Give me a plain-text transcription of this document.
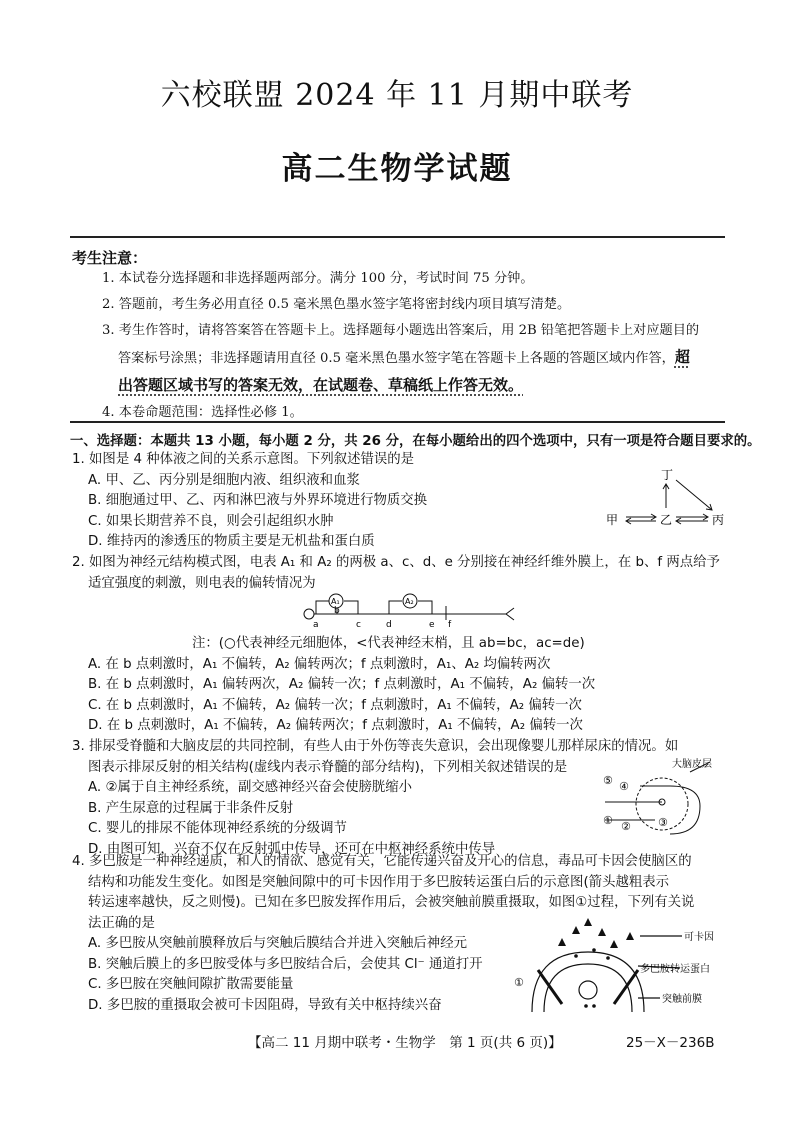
六校联盟 2024 年 11 月期中联考
高二生物学试题
考生注意：
1. 本试卷分选择题和非选择题两部分。满分 100 分，考试时间 75 分钟。
2. 答题前，考生务必用直径 0.5 毫米黑色墨水签字笔将密封线内项目填写清楚。
3. 考生作答时，请将答案答在答题卡上。选择题每小题选出答案后，用 2B 铅笔把答题卡上对应题目的
答案标号涂黑；非选择题请用直径 0.5 毫米黑色墨水签字笔在答题卡上各题的答题区域内作答，超
出答题区域书写的答案无效，在试题卷、草稿纸上作答无效。
4. 本卷命题范围：选择性必修 1。
一、选择题：本题共 13 小题，每小题 2 分，共 26 分，在每小题给出的四个选项中，只有一项是符合题目要求的。
1. 如图是 4 种体液之间的关系示意图。下列叙述错误的是
A. 甲、乙、丙分别是细胞内液、组织液和血浆
B. 细胞通过甲、乙、丙和淋巴液与外界环境进行物质交换
C. 如果长期营养不良，则会引起组织水肿
D. 维持丙的渗透压的物质主要是无机盐和蛋白质
丁
甲	乙	丙
2. 如图为神经元结构模式图，电表 A₁ 和 A₂ 的两极 a、c、d、e 分别接在神经纤维外膜上，在 b、f 两点给予
适宜强度的刺激，则电表的偏转情况为
A₁	A₂
a
b
c	d	e f
注：(○代表神经元细胞体，<代表神经末梢，且 ab=bc，ac=de)
A. 在 b 点刺激时，A₁ 不偏转，A₂ 偏转两次；f 点刺激时，A₁、A₂ 均偏转两次
B. 在 b 点刺激时，A₁ 偏转两次，A₂ 偏转一次；f 点刺激时，A₁ 不偏转，A₂ 偏转一次
C. 在 b 点刺激时，A₁ 不偏转，A₂ 偏转一次；f 点刺激时，A₁ 不偏转，A₂ 偏转一次
D. 在 b 点刺激时，A₁ 不偏转，A₂ 偏转两次；f 点刺激时，A₁ 不偏转，A₂ 偏转一次
3. 排尿受脊髓和大脑皮层的共同控制，有些人由于外伤等丧失意识，会出现像婴儿那样尿床的情况。如
图表示排尿反射的相关结构(虚线内表示脊髓的部分结构)，下列相关叙述错误的是
A. ②属于自主神经系统，副交感神经兴奋会使膀胱缩小
B. 产生尿意的过程属于非条件反射
C. 婴儿的排尿不能体现神经系统的分级调节
D. 由图可知，兴奋不仅在反射弧中传导，还可在中枢神经系统中传导
大脑皮层
⑤ ④
① ② ③
4. 多巴胺是一种神经递质，和人的情欲、感觉有关，它能传递兴奋及开心的信息，毒品可卡因会使脑区的
结构和功能发生变化。如图是突触间隙中的可卡因作用于多巴胺转运蛋白后的示意图(箭头越粗表示
转运速率越快，反之则慢)。已知在多巴胺发挥作用后，会被突触前膜重摄取，如图①过程，下列有关说
法正确的是
A. 多巴胺从突触前膜释放后与突触后膜结合并进入突触后神经元
B. 突触后膜上的多巴胺受体与多巴胺结合后，会使其 Cl⁻ 通道打开
C. 多巴胺在突触间隙扩散需要能量
D. 多巴胺的重摄取会被可卡因阻碍，导致有关中枢持续兴奋
可卡因
多巴胺转运蛋白
突触前膜
①
【高二 11 月期中联考・生物学　第 1 页(共 6 页)】	25－X－236B
